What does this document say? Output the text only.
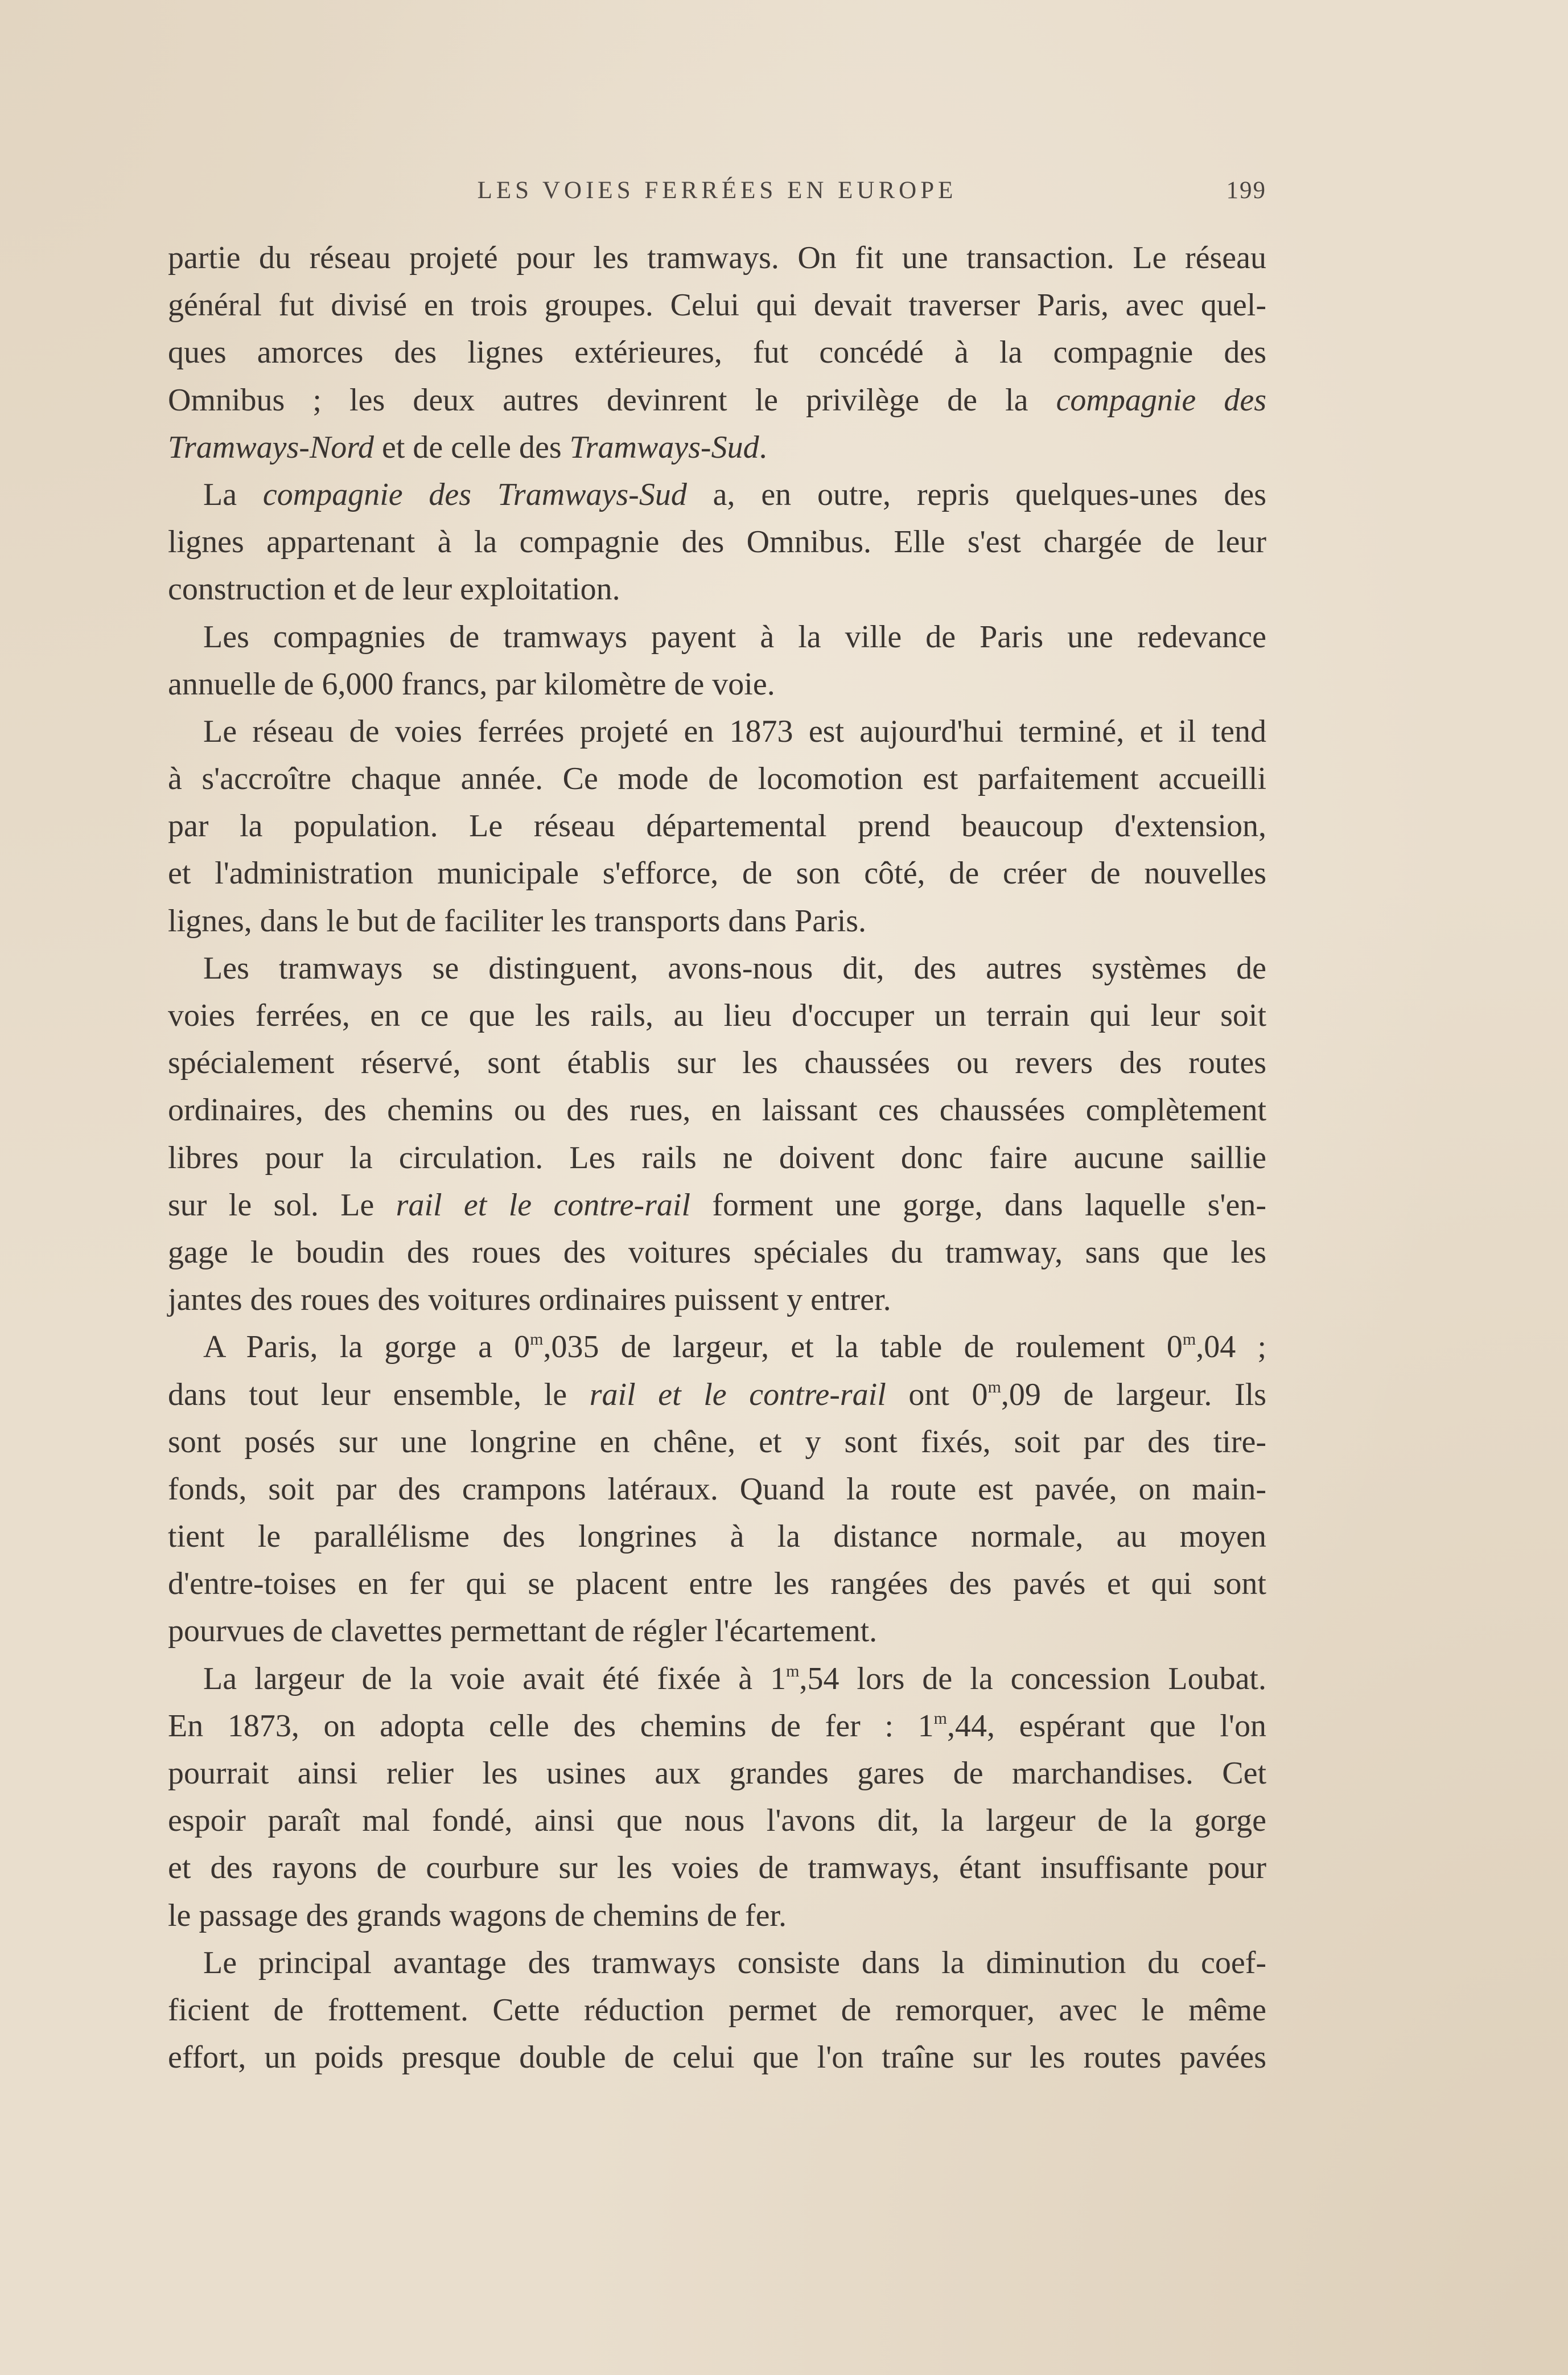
LES VOIES FERRÉES EN EUROPE	199
partie du réseau projeté pour les tramways. On fit une transaction. Le réseau
général fut divisé en trois groupes. Celui qui devait traverser Paris, avec quel-
ques amorces des lignes extérieures, fut concédé à la compagnie des
Omnibus ; les deux autres devinrent le privilège de la compagnie des
Tramways-Nord et de celle des Tramways-Sud.
La compagnie des Tramways-Sud a, en outre, repris quelques-unes des
lignes appartenant à la compagnie des Omnibus. Elle s'est chargée de leur
construction et de leur exploitation.
Les compagnies de tramways payent à la ville de Paris une redevance
annuelle de 6,000 francs, par kilomètre de voie.
Le réseau de voies ferrées projeté en 1873 est aujourd'hui terminé, et il tend
à s'accroître chaque année. Ce mode de locomotion est parfaitement accueilli
par la population. Le réseau départemental prend beaucoup d'extension,
et l'administration municipale s'efforce, de son côté, de créer de nouvelles
lignes, dans le but de faciliter les transports dans Paris.
Les tramways se distinguent, avons-nous dit, des autres systèmes de
voies ferrées, en ce que les rails, au lieu d'occuper un terrain qui leur soit
spécialement réservé, sont établis sur les chaussées ou revers des routes
ordinaires, des chemins ou des rues, en laissant ces chaussées complètement
libres pour la circulation. Les rails ne doivent donc faire aucune saillie
sur le sol. Le rail et le contre-rail forment une gorge, dans laquelle s'en-
gage le boudin des roues des voitures spéciales du tramway, sans que les
jantes des roues des voitures ordinaires puissent y entrer.
A Paris, la gorge a 0$^m$,035 de largeur, et la table de roulement 0$^m$,04 ;
dans tout leur ensemble, le rail et le contre-rail ont 0$^m$,09 de largeur. Ils
sont posés sur une longrine en chêne, et y sont fixés, soit par des tire-
fonds, soit par des crampons latéraux. Quand la route est pavée, on main-
tient le parallélisme des longrines à la distance normale, au moyen
d'entre-toises en fer qui se placent entre les rangées des pavés et qui sont
pourvues de clavettes permettant de régler l'écartement.
La largeur de la voie avait été fixée à 1$^m$,54 lors de la concession Loubat.
En 1873, on adopta celle des chemins de fer : 1$^m$,44, espérant que l'on
pourrait ainsi relier les usines aux grandes gares de marchandises. Cet
espoir paraît mal fondé, ainsi que nous l'avons dit, la largeur de la gorge
et des rayons de courbure sur les voies de tramways, étant insuffisante pour
le passage des grands wagons de chemins de fer.
Le principal avantage des tramways consiste dans la diminution du coef-
ficient de frottement. Cette réduction permet de remorquer, avec le même
effort, un poids presque double de celui que l'on traîne sur les routes pavées
